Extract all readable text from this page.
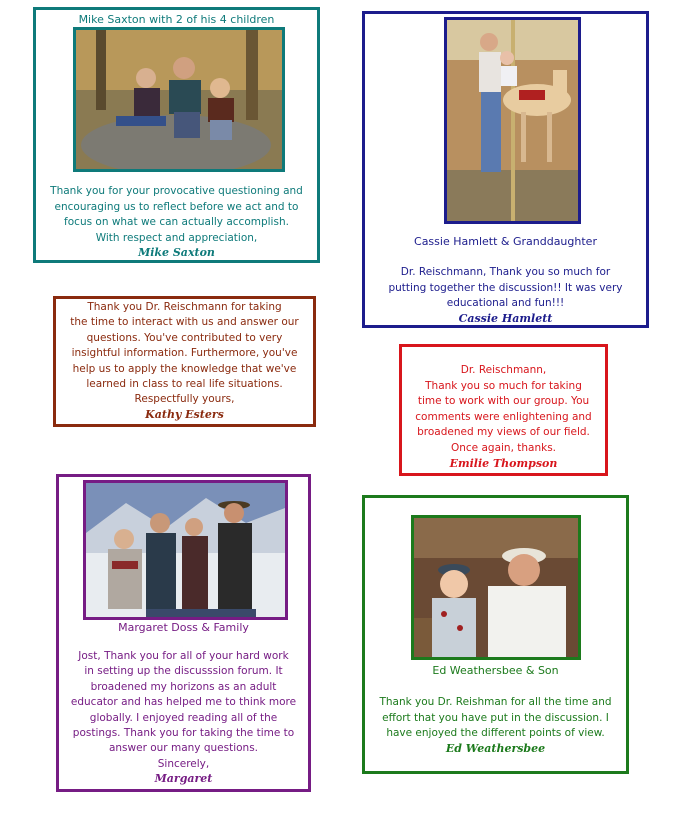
Mike Saxton with 2 of his 4 children
Thank you for your provocative questioning and
encouraging us to reflect before we act and to
focus on what we can actually accomplish.
With respect and appreciation,
Mike Saxton
Cassie Hamlett & Granddaughter
Dr. Reischmann, Thank you so much for
putting together the discussion!! It was very
educational and fun!!!
Cassie Hamlett
Thank you Dr. Reischmann for taking
the time to interact with us and answer our
questions. You've contributed to very
insightful information. Furthermore, you've
help us to apply the knowledge that we've
learned in class to real life situations.
Respectfully yours,
Kathy Esters
Dr. Reischmann,
Thank you so much for taking
time to work with our group. You
comments were enlightening and
broadened my views of our field.
Once again, thanks.
Emilie Thompson
Margaret Doss & Family
Jost, Thank you for all of your hard work
in setting up the discusssion forum. It
broadened my horizons as an adult
educator and has helped me to think more
globally. I enjoyed reading all of the
postings. Thank you for taking the time to
answer our many questions.
Sincerely,
Margaret
Ed Weathersbee & Son
Thank you Dr. Reishman for all the time and
effort that you have put in the discussion. I
have enjoyed the different points of view.
Ed Weathersbee
